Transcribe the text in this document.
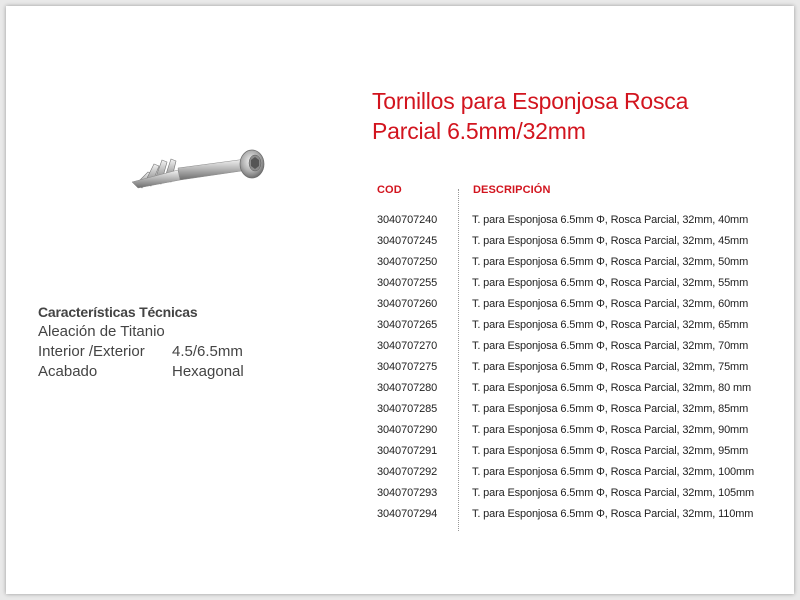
Características Técnicas
Aleación de Titanio
Interior /Exterior	4.5/6.5mm
Acabado	Hexagonal
Tornillos para Esponjosa Rosca
Parcial 6.5mm/32mm
COD	DESCRIPCIÓN
3040707240	T. para Esponjosa 6.5mm Φ, Rosca Parcial, 32mm, 40mm
3040707245	T. para Esponjosa 6.5mm Φ, Rosca Parcial, 32mm, 45mm
3040707250	T. para Esponjosa 6.5mm Φ, Rosca Parcial, 32mm, 50mm
3040707255	T. para Esponjosa 6.5mm Φ, Rosca Parcial, 32mm, 55mm
3040707260	T. para Esponjosa 6.5mm Φ, Rosca Parcial, 32mm, 60mm
3040707265	T. para Esponjosa 6.5mm Φ, Rosca Parcial, 32mm, 65mm
3040707270	T. para Esponjosa 6.5mm Φ, Rosca Parcial, 32mm, 70mm
3040707275	T. para Esponjosa 6.5mm Φ, Rosca Parcial, 32mm, 75mm
3040707280	T. para Esponjosa 6.5mm Φ, Rosca Parcial, 32mm, 80 mm
3040707285	T. para Esponjosa 6.5mm Φ, Rosca Parcial, 32mm, 85mm
3040707290	T. para Esponjosa 6.5mm Φ, Rosca Parcial, 32mm, 90mm
3040707291	T. para Esponjosa 6.5mm Φ, Rosca Parcial, 32mm, 95mm
3040707292	T. para Esponjosa 6.5mm Φ, Rosca Parcial, 32mm, 100mm
3040707293	T. para Esponjosa 6.5mm Φ, Rosca Parcial, 32mm, 105mm
3040707294	T. para Esponjosa 6.5mm Φ, Rosca Parcial, 32mm, 110mm
